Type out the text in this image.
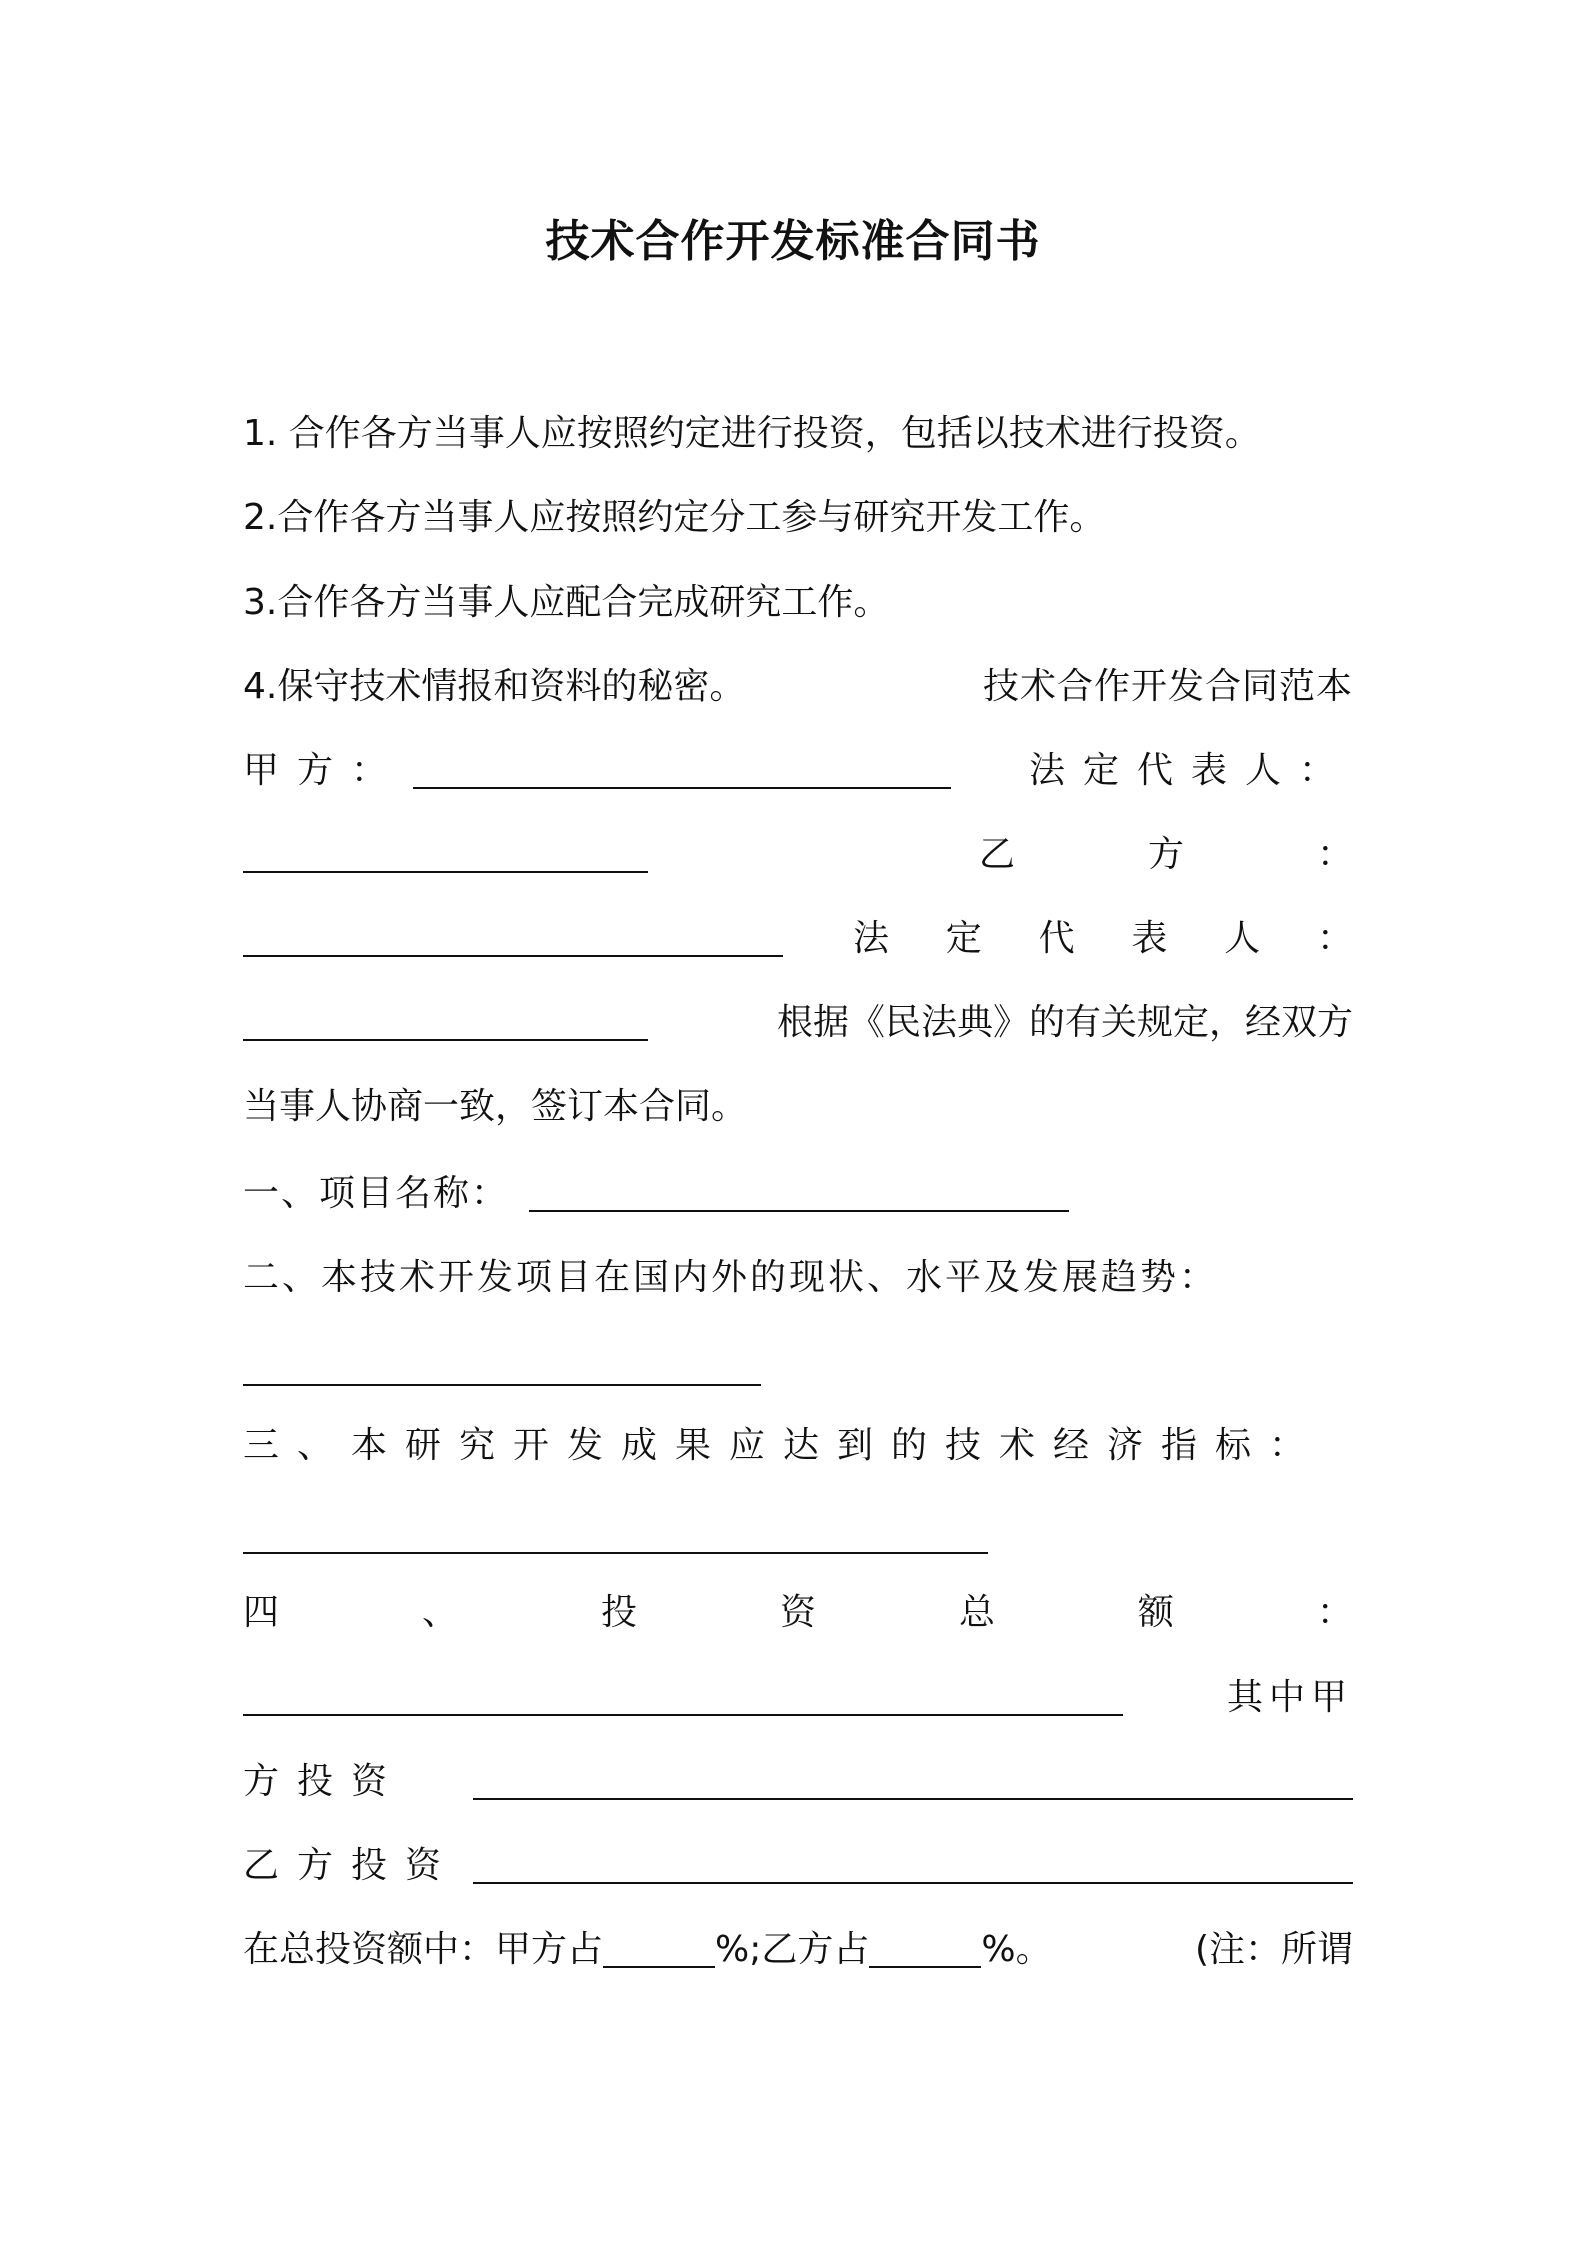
技术合作开发标准合同书
1. 合作各方当事人应按照约定进行投资，包括以技术进行投资。
2.合作各方当事人应按照约定分工参与研究开发工作。
3.合作各方当事人应配合完成研究工作。
4.保守技术情报和资料的秘密。	技术合作开发合同范本
甲方：	法定代表人：
乙	方	：
法 定 代 表 人 ：
根据《民法典》的有关规定，经双方
当事人协商一致，签订本合同。
一、项目名称：
二、本技术开发项目在国内外的现状、水平及发展趋势：
三、本研究开发成果应达到的技术经济指标：
四	、	投	资	总	额	：
其中甲
方投资
乙方投资
在总投资额中：甲方占	%;乙方占	%。	(注：所谓
